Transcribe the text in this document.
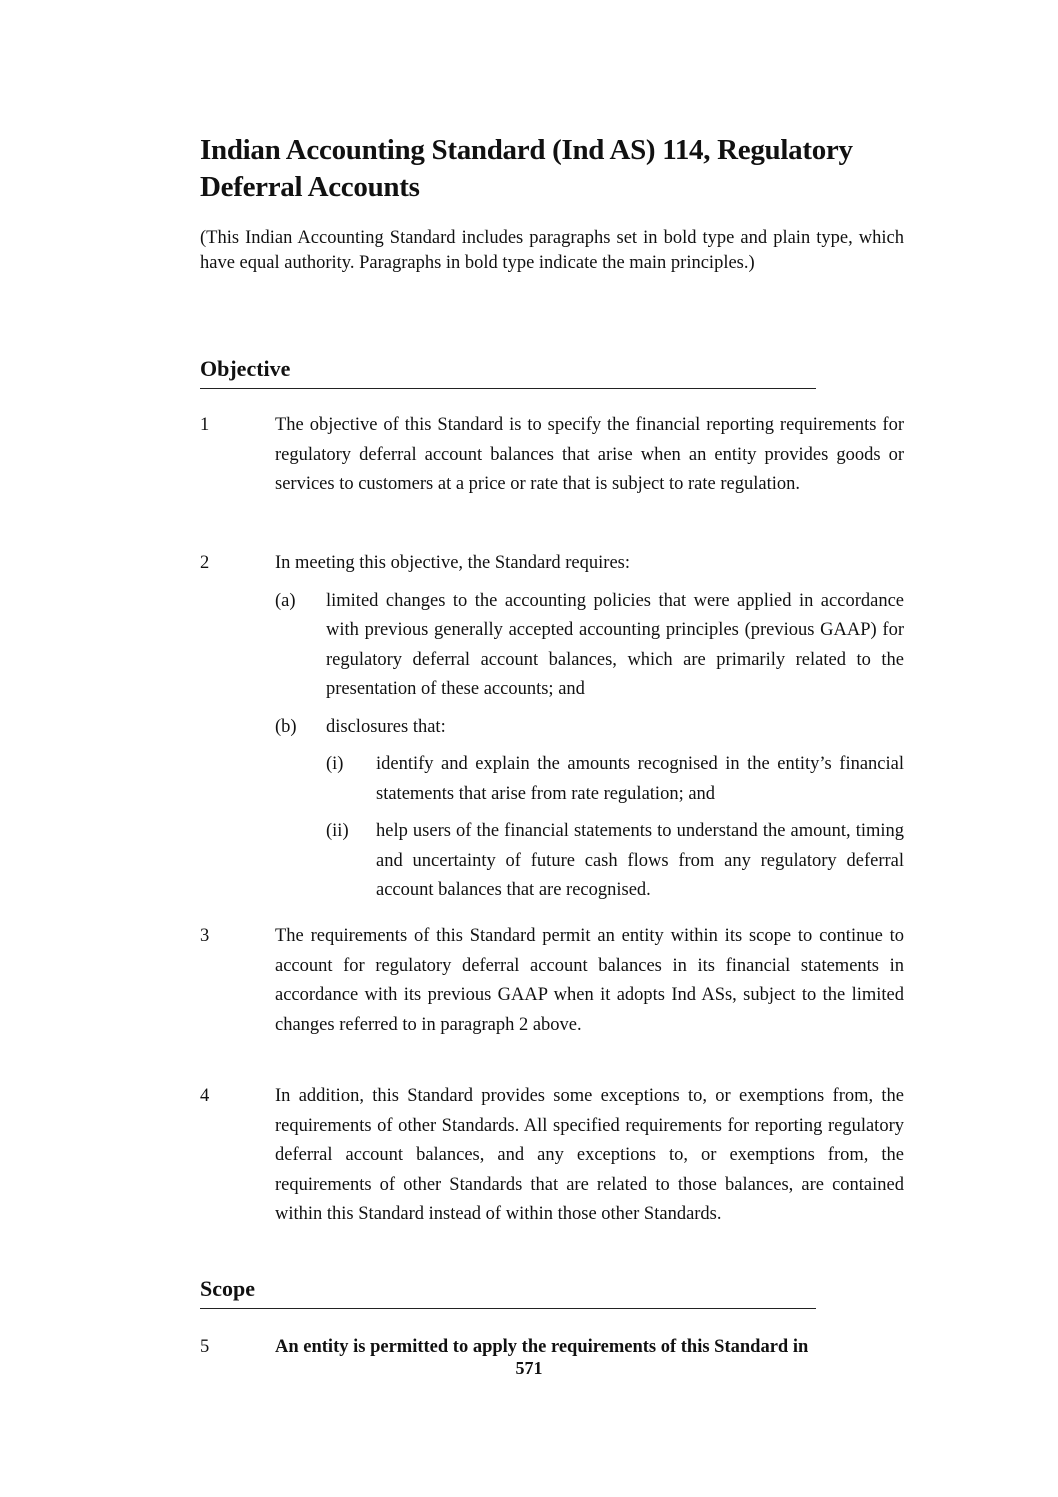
Indian Accounting Standard (Ind AS) 114, Regulatory Deferral Accounts

(This Indian Accounting Standard includes paragraphs set in bold type and plain type, which have equal authority. Paragraphs in bold type indicate the main principles.)

Objective
1	The objective of this Standard is to specify the financial reporting requirements for regulatory deferral account balances that arise when an entity provides goods or services to customers at a price or rate that is subject to rate regulation.
2	In meeting this objective, the Standard requires:
(a) limited changes to the accounting policies that were applied in accordance with previous generally accepted accounting principles (previous GAAP) for regulatory deferral account balances, which are primarily related to the presentation of these accounts; and
(b) disclosures that:
(i) identify and explain the amounts recognised in the entity’s financial statements that arise from rate regulation; and
(ii) help users of the financial statements to understand the amount, timing and uncertainty of future cash flows from any regulatory deferral account balances that are recognised.
3	The requirements of this Standard permit an entity within its scope to continue to account for regulatory deferral account balances in its financial statements in accordance with its previous GAAP when it adopts Ind ASs, subject to the limited changes referred to in paragraph 2 above.
4	In addition, this Standard provides some exceptions to, or exemptions from, the requirements of other Standards. All specified requirements for reporting regulatory deferral account balances, and any exceptions to, or exemptions from, the requirements of other Standards that are related to those balances, are contained within this Standard instead of within those other Standards.
Scope
5	An entity is permitted to apply the requirements of this Standard in
571
